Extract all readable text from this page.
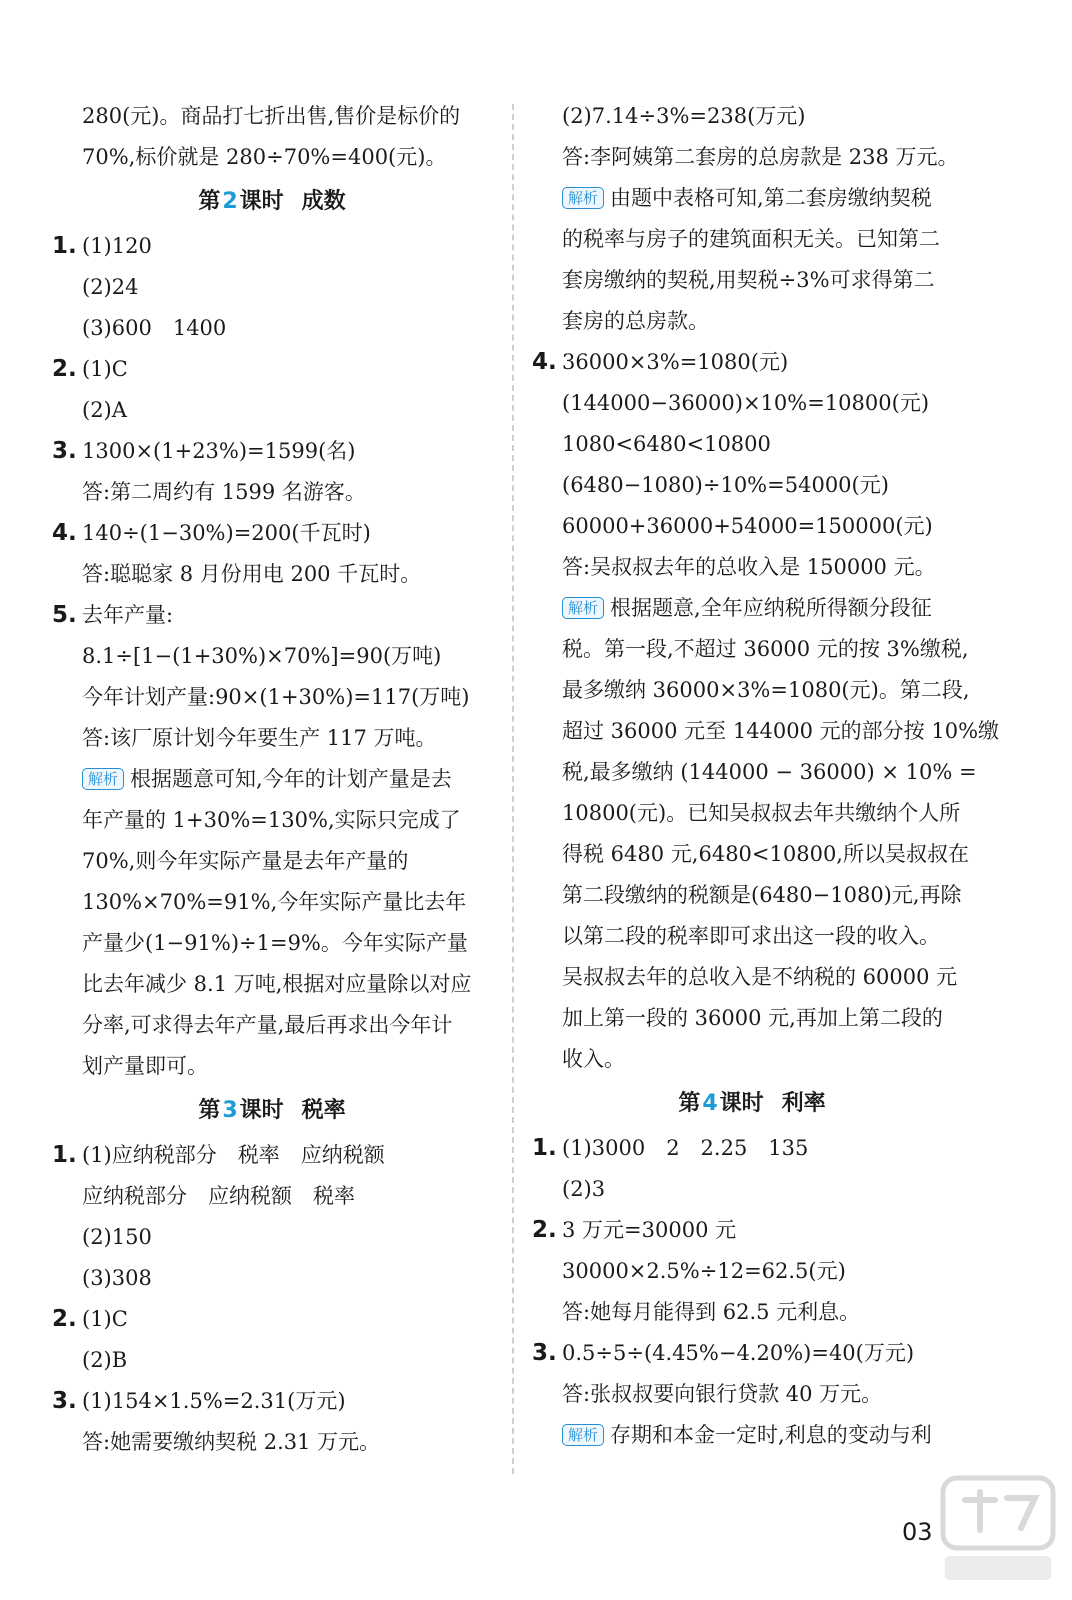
280(元)。商品打七折出售,售价是标价的
70%,标价就是 280÷70%=400(元)。
第2课时 成数
1. (1)120
(2)24
(3)600　1400
2. (1)C
(2)A
3. 1300×(1+23%)=1599(名)
答:第二周约有 1599 名游客。
4. 140÷(1−30%)=200(千瓦时)
答:聪聪家 8 月份用电 200 千瓦时。
5. 去年产量:
8.1÷[1−(1+30%)×70%]=90(万吨)
今年计划产量:90×(1+30%)=117(万吨)
答:该厂原计划今年要生产 117 万吨。
解析 根据题意可知,今年的计划产量是去
年产量的 1+30%=130%,实际只完成了
70%,则今年实际产量是去年产量的
130%×70%=91%,今年实际产量比去年
产量少(1−91%)÷1=9%。今年实际产量
比去年减少 8.1 万吨,根据对应量除以对应
分率,可求得去年产量,最后再求出今年计
划产量即可。
第3课时 税率
1. (1)应纳税部分　税率　应纳税额
应纳税部分　应纳税额　税率
(2)150
(3)308
2. (1)C
(2)B
3. (1)154×1.5%=2.31(万元)
答:她需要缴纳契税 2.31 万元。
(2)7.14÷3%=238(万元)
答:李阿姨第二套房的总房款是 238 万元。
解析 由题中表格可知,第二套房缴纳契税
的税率与房子的建筑面积无关。已知第二
套房缴纳的契税,用契税÷3%可求得第二
套房的总房款。
4. 36000×3%=1080(元)
(144000−36000)×10%=10800(元)
1080<6480<10800
(6480−1080)÷10%=54000(元)
60000+36000+54000=150000(元)
答:吴叔叔去年的总收入是 150000 元。
解析 根据题意,全年应纳税所得额分段征
税。第一段,不超过 36000 元的按 3%缴税,
最多缴纳 36000×3%=1080(元)。第二段,
超过 36000 元至 144000 元的部分按 10%缴
税,最多缴纳 (144000 − 36000) × 10% =
10800(元)。已知吴叔叔去年共缴纳个人所
得税 6480 元,6480<10800,所以吴叔叔在
第二段缴纳的税额是(6480−1080)元,再除
以第二段的税率即可求出这一段的收入。
吴叔叔去年的总收入是不纳税的 60000 元
加上第一段的 36000 元,再加上第二段的
收入。
第4课时 利率
1. (1)3000　2　2.25　135
(2)3
2. 3 万元=30000 元
30000×2.5%÷12=62.5(元)
答:她每月能得到 62.5 元利息。
3. 0.5÷5÷(4.45%−4.20%)=40(万元)
答:张叔叔要向银行贷款 40 万元。
解析 存期和本金一定时,利息的变动与利
03
